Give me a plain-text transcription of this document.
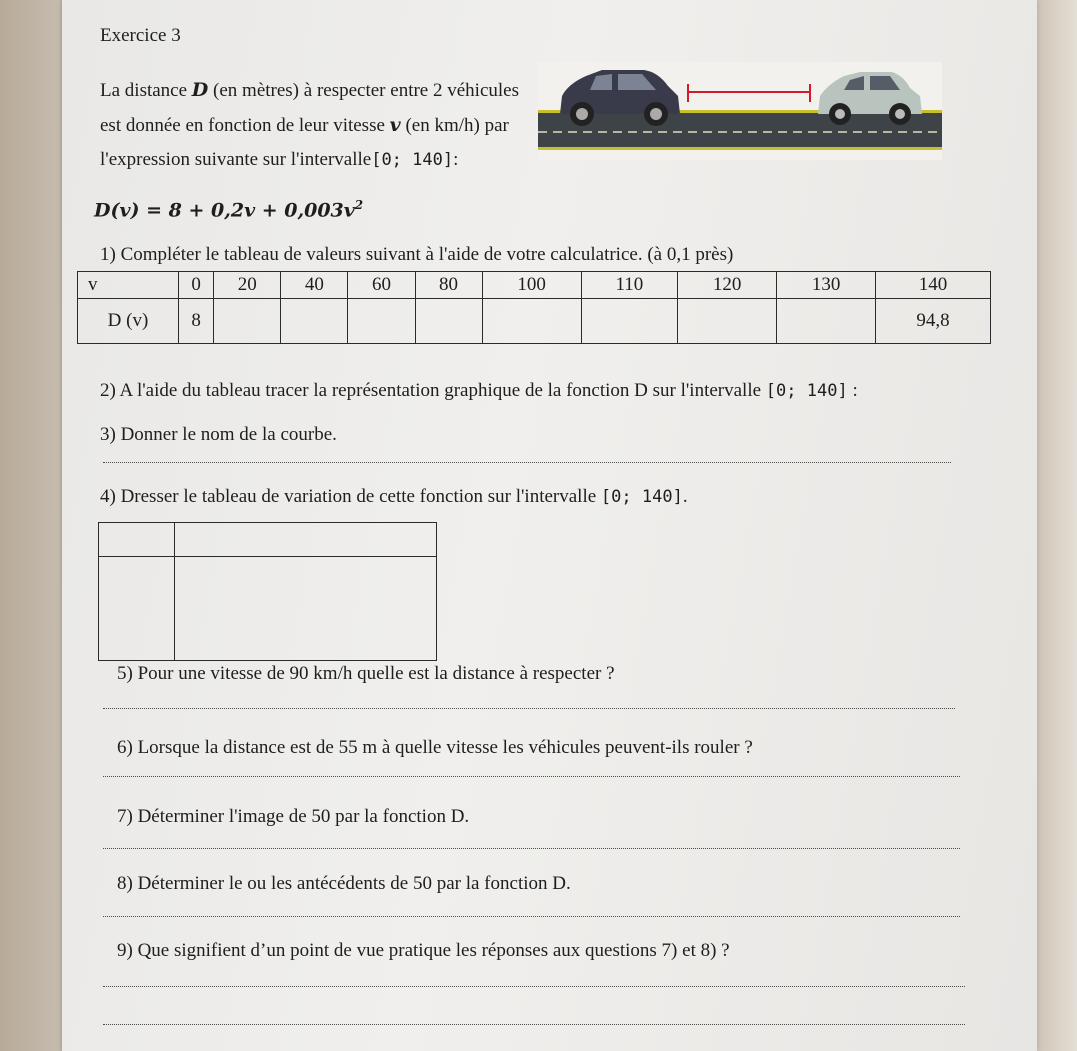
Exercice 3
La distance D (en mètres) à respecter entre 2 véhicules
est donnée en fonction de leur vitesse v (en km/h) par
l'expression suivante sur l'intervalle[0; 140]:
$D(v) = 8 + 0,2v + 0,003v^2$
1) Compléter le tableau de valeurs suivant à l'aide de votre calculatrice. (à 0,1 près)
v	0	20	40	60	80	100	110	120	130	140
D (v)	8									94,8
2) A l'aide du tableau tracer la représentation graphique de la fonction D sur l'intervalle [0; 140] :
3) Donner le nom de la courbe.
4) Dresser le tableau de variation de cette fonction sur l'intervalle [0; 140].
5) Pour une vitesse de 90 km/h quelle est la distance à respecter ?
6) Lorsque la distance est de 55 m à quelle vitesse les véhicules peuvent-ils rouler ?
7) Déterminer l'image de 50 par la fonction D.
8) Déterminer le ou les antécédents de 50 par la fonction D.
9) Que signifient d’un point de vue pratique les réponses aux questions 7) et 8) ?
